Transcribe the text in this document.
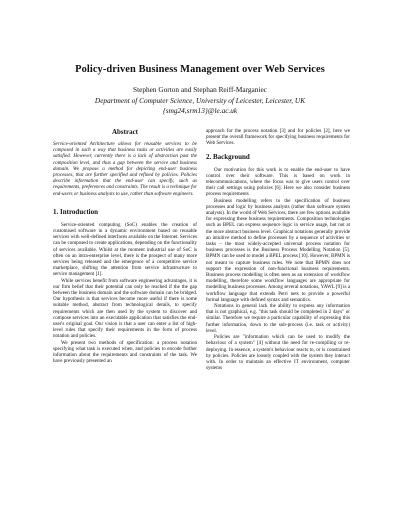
Policy-driven Business Management over Web Services
Stephen Gorton and Stephan Reiff-Marganiec
Department of Computer Science, University of Leicester, Leicester, UK
{smg24,srm13}@le.ac.uk
Abstract
Service-oriented Architecture allows for reusable services to be composed in such a way that business tasks or activities are easily satisfied. However, currently there is a lack of abstraction past the composition level, and thus a gap between the service and business domain. We propose a method for depicting end-user business processes, that are further specified and refined by policies. Policies describe information that the end-user can specify, such as requirements, preferences and constraints. The result is a technique for end-users or business analysts to use, rather than software engineers.
1. Introduction

Service-oriented computing (SoC) enables the creation of customised software in a dynamic environment based on reusable services with well-defined interfaces available on the Internet. Services can be composed to create applications, depending on the functionality of services available. Whilst at the moment industrial use of SoC is often on an intra-enterprise level, there is the prospect of many more services being released and the emergence of a competitive service marketplace, shifting the attention from service infrastructure to service management [1].

While services benefit from software engineering advantages, it is our firm belief that their potential can only be reached if the the gap between the business domain and the software domain can be bridged. Our hypothesis is that services become more useful if there is some suitable method, abstract from technological details, to specify requirements which are then used by the system to discover and compose services into an executable application that satisfies the end-user's original goal. Our vision is that a user can enter a list of high-level rules that specify their requirements in the form of process notation and policies.

We present two methods of specification: a process notation specifying what task is executed when, and policies to encode further information about the requirements and constraints of the task. We have previously presented an

approach for the process notation [3] and for policies [2], here we present the overall framework for specifying business requirements for Web Services.

2. Background

Our motivation for this work is to enable the end-user to have control over their software. This is based on work in telecommunications, where the focus was to give users control over their call settings using policies [6]. Here we also consider business process requirements

Business modelling refers to the specification of business processes and logic by business analysts (rather than software system analysts). In the world of Web Services, there are few options available for expressing these business requirements. Composition technologies such as BPEL can express sequence logic in service usage, but not at the more abstract business level. Graphical notations generally provide an intuitive method to define processes by a sequence of activities or tasks – the most widely-accepted universal process notation for business processes is the Business Process Modelling Notation [5]. BPMN can be used to model a BPEL process [10]. However, BPMN is not meant to capture business rules. We note that BPMN does not support the expression of non-functional business requirements. Business process modelling is often seen as an extension of workflow modelling, therefore some workflow languages are appropriate for modelling business processes. Among several notations, YAWL [9] is a workflow language that extends Petri nets to provide a powerful formal language with defined syntax and semantics.

Notations in general lack the ability to express any information that is not graphical, e.g. "this task should be completed in 2 days" or similar. Therefore we require a particular capability of expressing this further information, down to the sub-process (i.e. task or activity) level.

Policies are "information which can be used to modify the behaviour of a system" [4] without the need for re-compiling or re-deploying. In essence, a system's behaviour reacts to, or is constrained by policies. Policies are loosely coupled with the system they interact with. In order to maintain an effective IT environment, computer systems
